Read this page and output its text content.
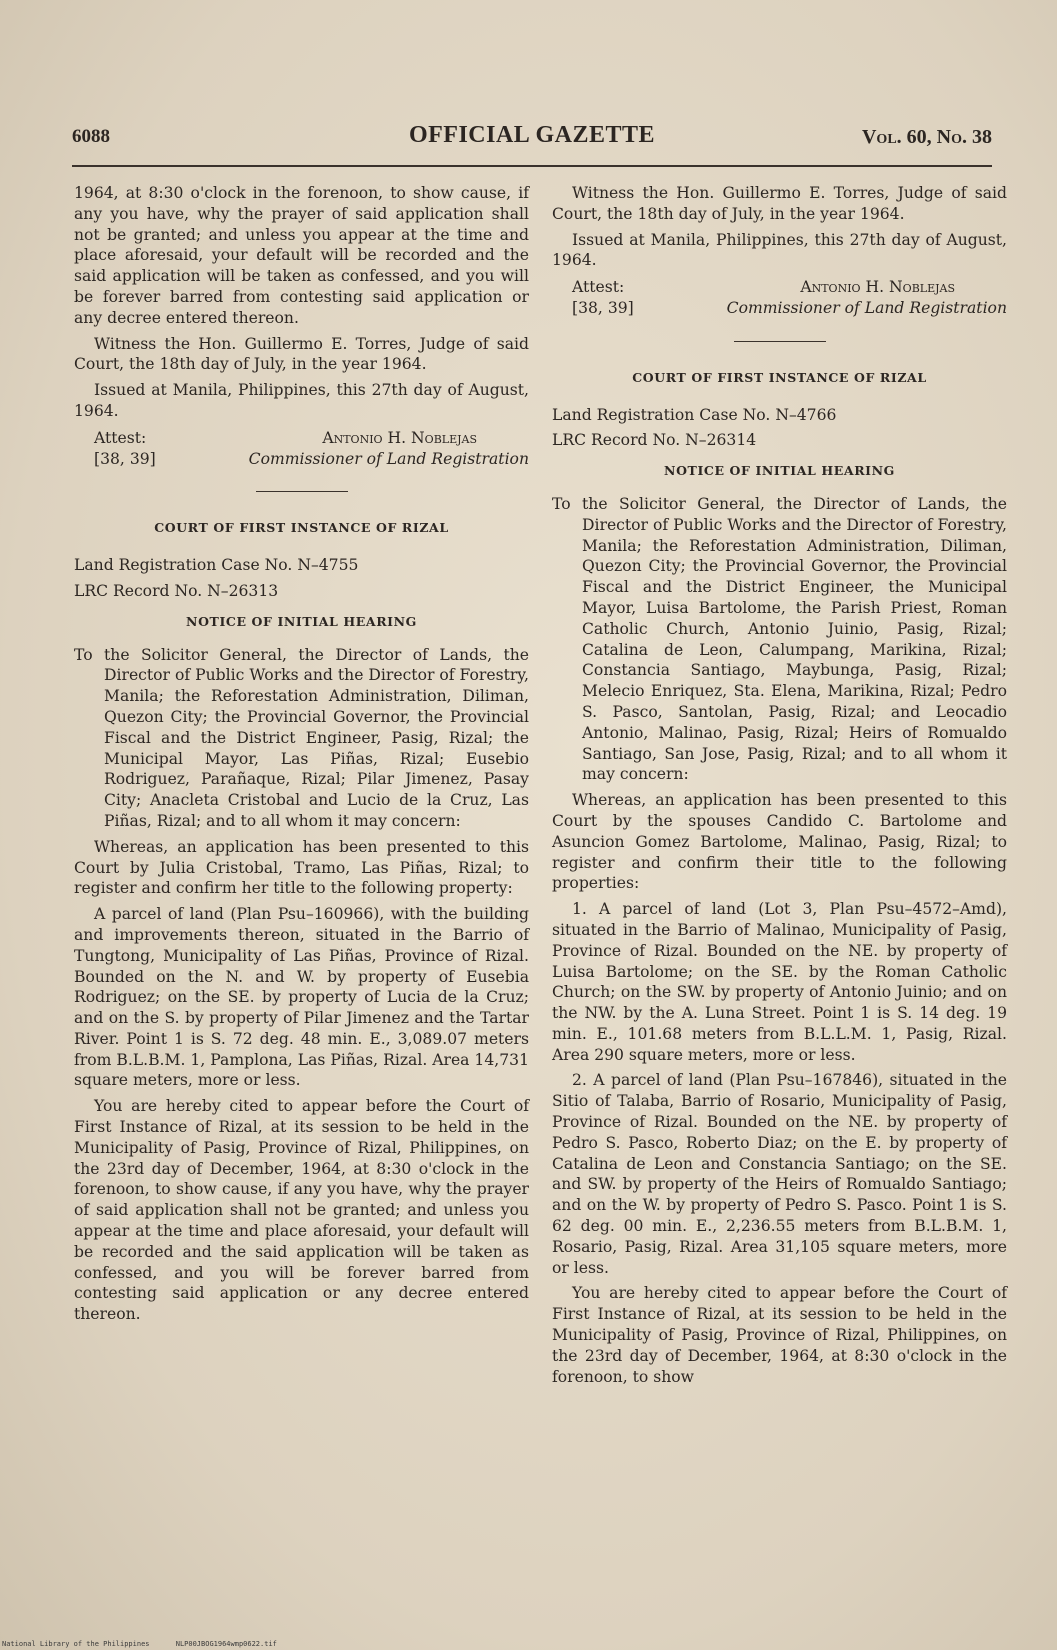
6088	OFFICIAL GAZETTE	Vol. 60, No. 38

1964, at 8:30 o'clock in the forenoon, to show cause, if any you have, why the prayer of said application shall not be granted; and unless you appear at the time and place aforesaid, your default will be recorded and the said application will be taken as confessed, and you will be forever barred from contesting said application or any decree entered thereon.

Witness the Hon. Guillermo E. Torres, Judge of said Court, the 18th day of July, in the year 1964.

Issued at Manila, Philippines, this 27th day of August, 1964.

Attest:	Antonio H. Noblejas
[38, 39]	Commissioner of Land Registration
COURT OF FIRST INSTANCE OF RIZAL

Land Registration Case No. N–4755

LRC Record No. N–26313

NOTICE OF INITIAL HEARING

To the Solicitor General, the Director of Lands, the Director of Public Works and the Director of Forestry, Manila; the Reforestation Administration, Diliman, Quezon City; the Provincial Governor, the Provincial Fiscal and the District Engineer, Pasig, Rizal; the Municipal Mayor, Las Piñas, Rizal; Eusebio Rodriguez, Parañaque, Rizal; Pilar Jimenez, Pasay City; Anacleta Cristobal and Lucio de la Cruz, Las Piñas, Rizal; and to all whom it may concern:

Whereas, an application has been presented to this Court by Julia Cristobal, Tramo, Las Piñas, Rizal; to register and confirm her title to the following property:

A parcel of land (Plan Psu–160966), with the building and improvements thereon, situated in the Barrio of Tungtong, Municipality of Las Piñas, Province of Rizal. Bounded on the N. and W. by property of Eusebia Rodriguez; on the SE. by property of Lucia de la Cruz; and on the S. by property of Pilar Jimenez and the Tartar River. Point 1 is S. 72 deg. 48 min. E., 3,089.07 meters from B.L.B.M. 1, Pamplona, Las Piñas, Rizal. Area 14,731 square meters, more or less.

You are hereby cited to appear before the Court of First Instance of Rizal, at its session to be held in the Municipality of Pasig, Province of Rizal, Philippines, on the 23rd day of December, 1964, at 8:30 o'clock in the forenoon, to show cause, if any you have, why the prayer of said application shall not be granted; and unless you appear at the time and place aforesaid, your default will be recorded and the said application will be taken as confessed, and you will be forever barred from contesting said application or any decree entered thereon.

Witness the Hon. Guillermo E. Torres, Judge of said Court, the 18th day of July, in the year 1964.

Issued at Manila, Philippines, this 27th day of August, 1964.

Attest:	Antonio H. Noblejas
[38, 39]	Commissioner of Land Registration
COURT OF FIRST INSTANCE OF RIZAL

Land Registration Case No. N–4766

LRC Record No. N–26314

NOTICE OF INITIAL HEARING

To the Solicitor General, the Director of Lands, the Director of Public Works and the Director of Forestry, Manila; the Reforestation Administration, Diliman, Quezon City; the Provincial Governor, the Provincial Fiscal and the District Engineer, the Municipal Mayor, Luisa Bartolome, the Parish Priest, Roman Catholic Church, Antonio Juinio, Pasig, Rizal; Catalina de Leon, Calumpang, Marikina, Rizal; Constancia Santiago, Maybunga, Pasig, Rizal; Melecio Enriquez, Sta. Elena, Marikina, Rizal; Pedro S. Pasco, Santolan, Pasig, Rizal; and Leocadio Antonio, Malinao, Pasig, Rizal; Heirs of Romualdo Santiago, San Jose, Pasig, Rizal; and to all whom it may concern:

Whereas, an application has been presented to this Court by the spouses Candido C. Bartolome and Asuncion Gomez Bartolome, Malinao, Pasig, Rizal; to register and confirm their title to the following properties:

1. A parcel of land (Lot 3, Plan Psu–4572–Amd), situated in the Barrio of Malinao, Municipality of Pasig, Province of Rizal. Bounded on the NE. by property of Luisa Bartolome; on the SE. by the Roman Catholic Church; on the SW. by property of Antonio Juinio; and on the NW. by the A. Luna Street. Point 1 is S. 14 deg. 19 min. E., 101.68 meters from B.L.L.M. 1, Pasig, Rizal. Area 290 square meters, more or less.

2. A parcel of land (Plan Psu–167846), situated in the Sitio of Talaba, Barrio of Rosario, Municipality of Pasig, Province of Rizal. Bounded on the NE. by property of Pedro S. Pasco, Roberto Diaz; on the E. by property of Catalina de Leon and Constancia Santiago; on the SE. and SW. by property of the Heirs of Romualdo Santiago; and on the W. by property of Pedro S. Pasco. Point 1 is S. 62 deg. 00 min. E., 2,236.55 meters from B.L.B.M. 1, Rosario, Pasig, Rizal. Area 31,105 square meters, more or less.

You are hereby cited to appear before the Court of First Instance of Rizal, at its session to be held in the Municipality of Pasig, Province of Rizal, Philippines, on the 23rd day of December, 1964, at 8:30 o'clock in the forenoon, to show

National Library of the Philippines	NLP00JBOG1964wmp0622.tif
